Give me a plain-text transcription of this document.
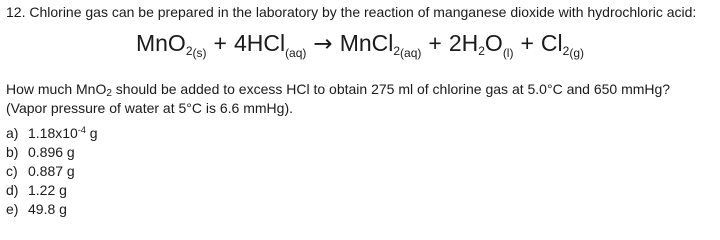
12. Chlorine gas can be prepared in the laboratory by the reaction of manganese dioxide with hydrochloric acid:
MnO$_{2(s)}$ + 4HCl$_{(aq)}$ → MnCl$_{2(aq)}$ + $2H_2O_{(l)} + Cl_{2(g)}$
How much MnO$_2$ should be added to excess HCl to obtain 275 ml of chlorine gas at 5.0°C and 650 mmHg?
(Vapor pressure of water at 5°C is 6.6 mmHg).
a) $1.18x10^{-4}$ g
b) 0.896 g
c) 0.887 g
d) 1.22 g
e) 49.8 g
